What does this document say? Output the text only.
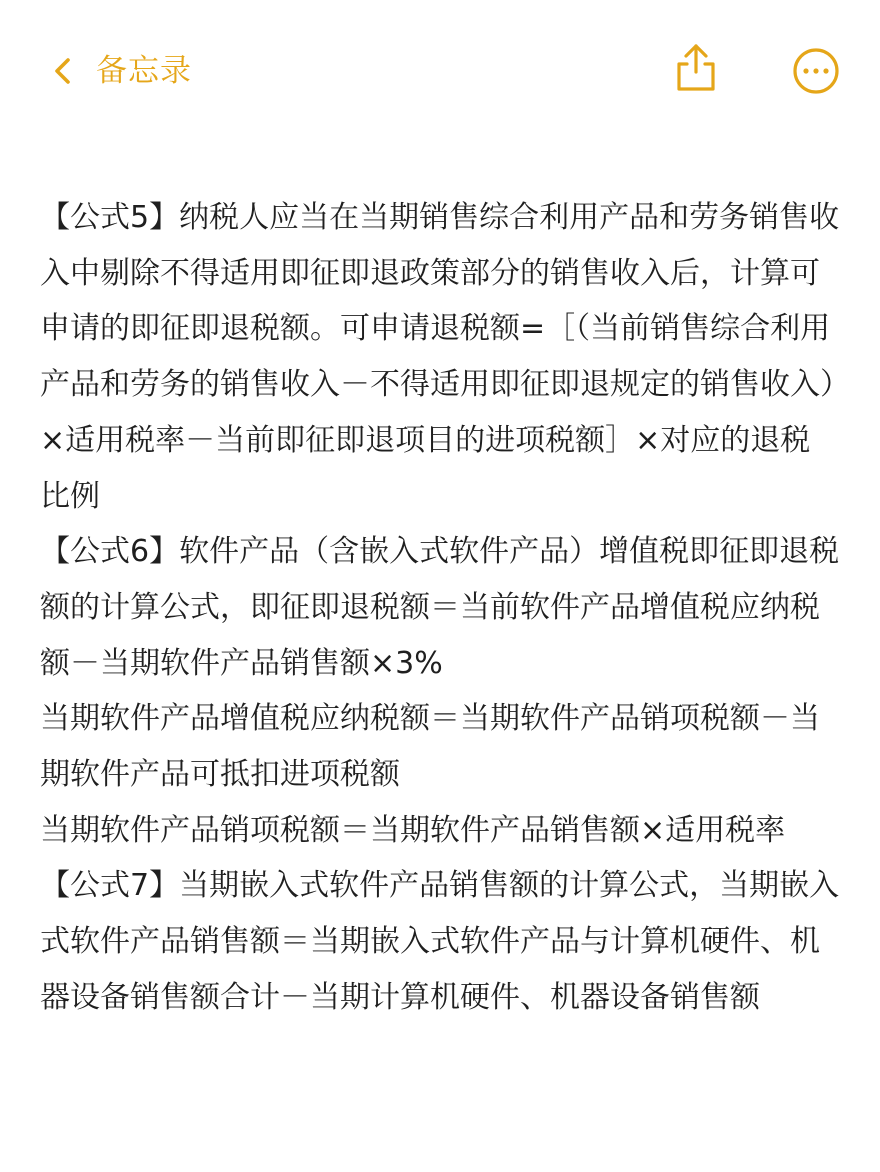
备忘录

【公式5】纳税人应当在当期销售综合利用产品和劳务销售收入中剔除不得适用即征即退政策部分的销售收入后，计算可申请的即征即退税额。可申请退税额=［（当前销售综合利用产品和劳务的销售收入－不得适用即征即退规定的销售收入）×适用税率－当前即征即退项目的进项税额］×对应的退税比例

【公式6】软件产品（含嵌入式软件产品）增值税即征即退税额的计算公式，即征即退税额＝当前软件产品增值税应纳税额－当期软件产品销售额×3%

当期软件产品增值税应纳税额＝当期软件产品销项税额－当期软件产品可抵扣进项税额

当期软件产品销项税额＝当期软件产品销售额×适用税率

【公式7】当期嵌入式软件产品销售额的计算公式，当期嵌入式软件产品销售额＝当期嵌入式软件产品与计算机硬件、机器设备销售额合计－当期计算机硬件、机器设备销售额
